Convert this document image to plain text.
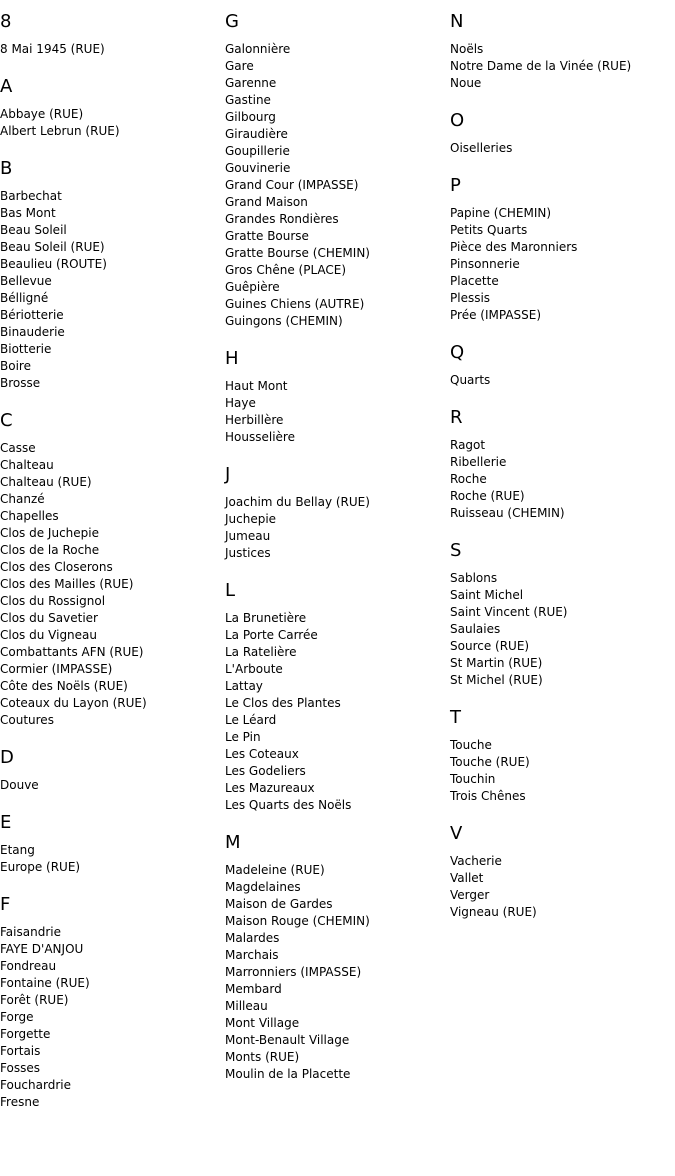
8
8 Mai 1945 (RUE)
A
Abbaye (RUE)
Albert Lebrun (RUE)
B
Barbechat
Bas Mont
Beau Soleil
Beau Soleil (RUE)
Beaulieu (ROUTE)
Bellevue
Bélligné
Bériotterie
Binauderie
Biotterie
Boire
Brosse
C
Casse
Chalteau
Chalteau (RUE)
Chanzé
Chapelles
Clos de Juchepie
Clos de la Roche
Clos des Closerons
Clos des Mailles (RUE)
Clos du Rossignol
Clos du Savetier
Clos du Vigneau
Combattants AFN (RUE)
Cormier (IMPASSE)
Côte des Noëls (RUE)
Coteaux du Layon (RUE)
Coutures
D
Douve
E
Etang
Europe (RUE)
F
Faisandrie
FAYE D'ANJOU
Fondreau
Fontaine (RUE)
Forêt (RUE)
Forge
Forgette
Fortais
Fosses
Fouchardrie
Fresne
G
Galonnière
Gare
Garenne
Gastine
Gilbourg
Giraudière
Goupillerie
Gouvinerie
Grand Cour (IMPASSE)
Grand Maison
Grandes Rondières
Gratte Bourse
Gratte Bourse (CHEMIN)
Gros Chêne (PLACE)
Guêpière
Guines Chiens (AUTRE)
Guingons (CHEMIN)
H
Haut Mont
Haye
Herbillère
Housselière
J
Joachim du Bellay (RUE)
Juchepie
Jumeau
Justices
L
La Brunetière
La Porte Carrée
La Ratelière
L'Arboute
Lattay
Le Clos des Plantes
Le Léard
Le Pin
Les Coteaux
Les Godeliers
Les Mazureaux
Les Quarts des Noëls
M
Madeleine (RUE)
Magdelaines
Maison de Gardes
Maison Rouge (CHEMIN)
Malardes
Marchais
Marronniers (IMPASSE)
Membard
Milleau
Mont Village
Mont-Benault Village
Monts (RUE)
Moulin de la Placette
N
Noëls
Notre Dame de la Vinée (RUE)
Noue
O
Oiselleries
P
Papine (CHEMIN)
Petits Quarts
Pièce des Maronniers
Pinsonnerie
Placette
Plessis
Prée (IMPASSE)
Q
Quarts
R
Ragot
Ribellerie
Roche
Roche (RUE)
Ruisseau (CHEMIN)
S
Sablons
Saint Michel
Saint Vincent (RUE)
Saulaies
Source (RUE)
St Martin (RUE)
St Michel (RUE)
T
Touche
Touche (RUE)
Touchin
Trois Chênes
V
Vacherie
Vallet
Verger
Vigneau (RUE)
